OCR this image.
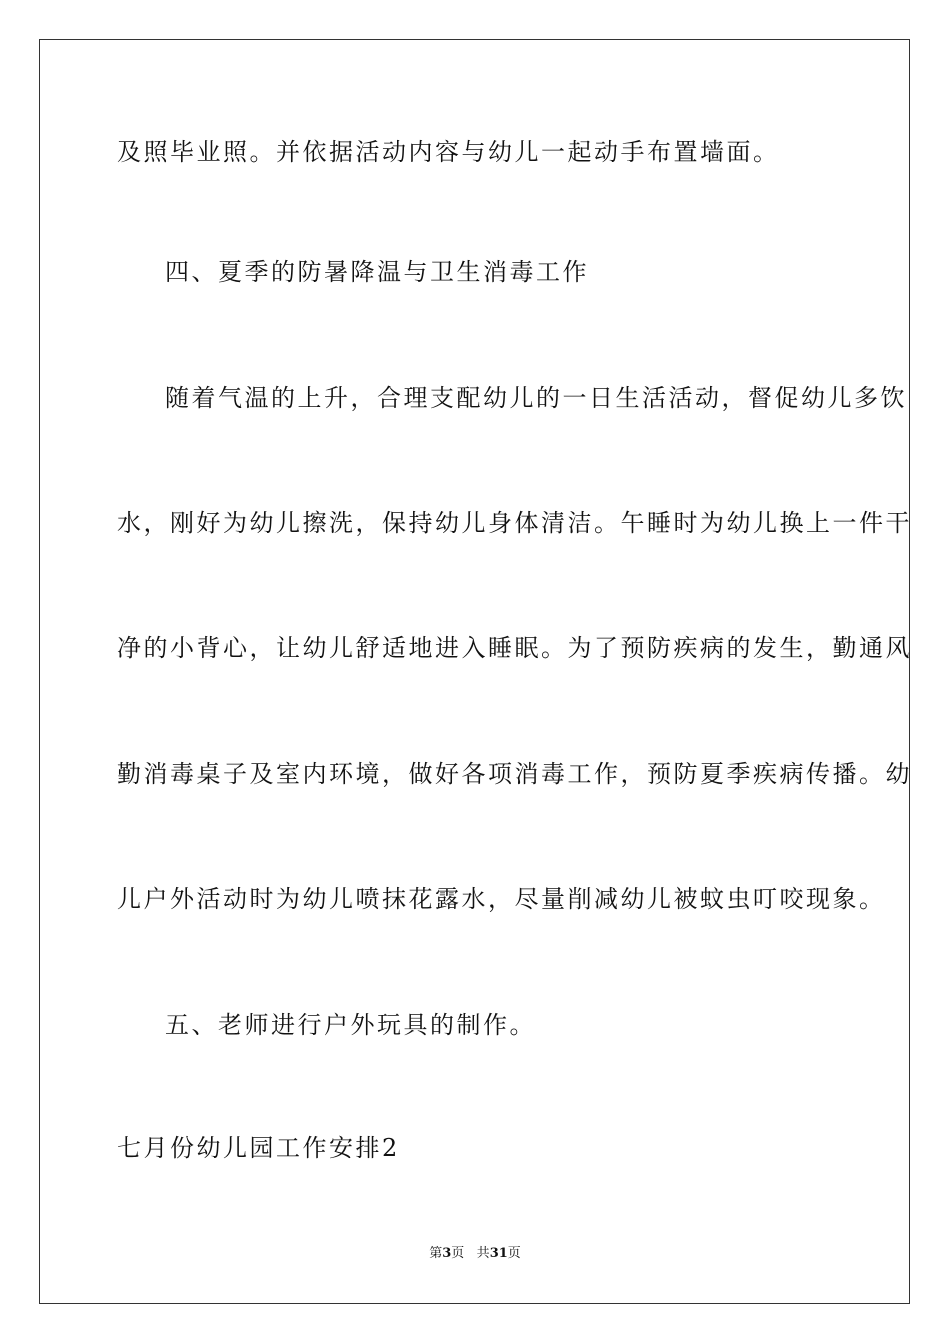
及照毕业照。并依据活动内容与幼儿一起动手布置墙面。
四、夏季的防暑降温与卫生消毒工作
随着气温的上升，合理支配幼儿的一日生活活动，督促幼儿多饮
水，刚好为幼儿擦洗，保持幼儿身体清洁。午睡时为幼儿换上一件干
净的小背心，让幼儿舒适地进入睡眠。为了预防疾病的发生，勤通风
勤消毒桌子及室内环境，做好各项消毒工作，预防夏季疾病传播。幼
儿户外活动时为幼儿喷抹花露水，尽量削减幼儿被蚊虫叮咬现象。
五、老师进行户外玩具的制作。
七月份幼儿园工作安排2
第3页 共31页
